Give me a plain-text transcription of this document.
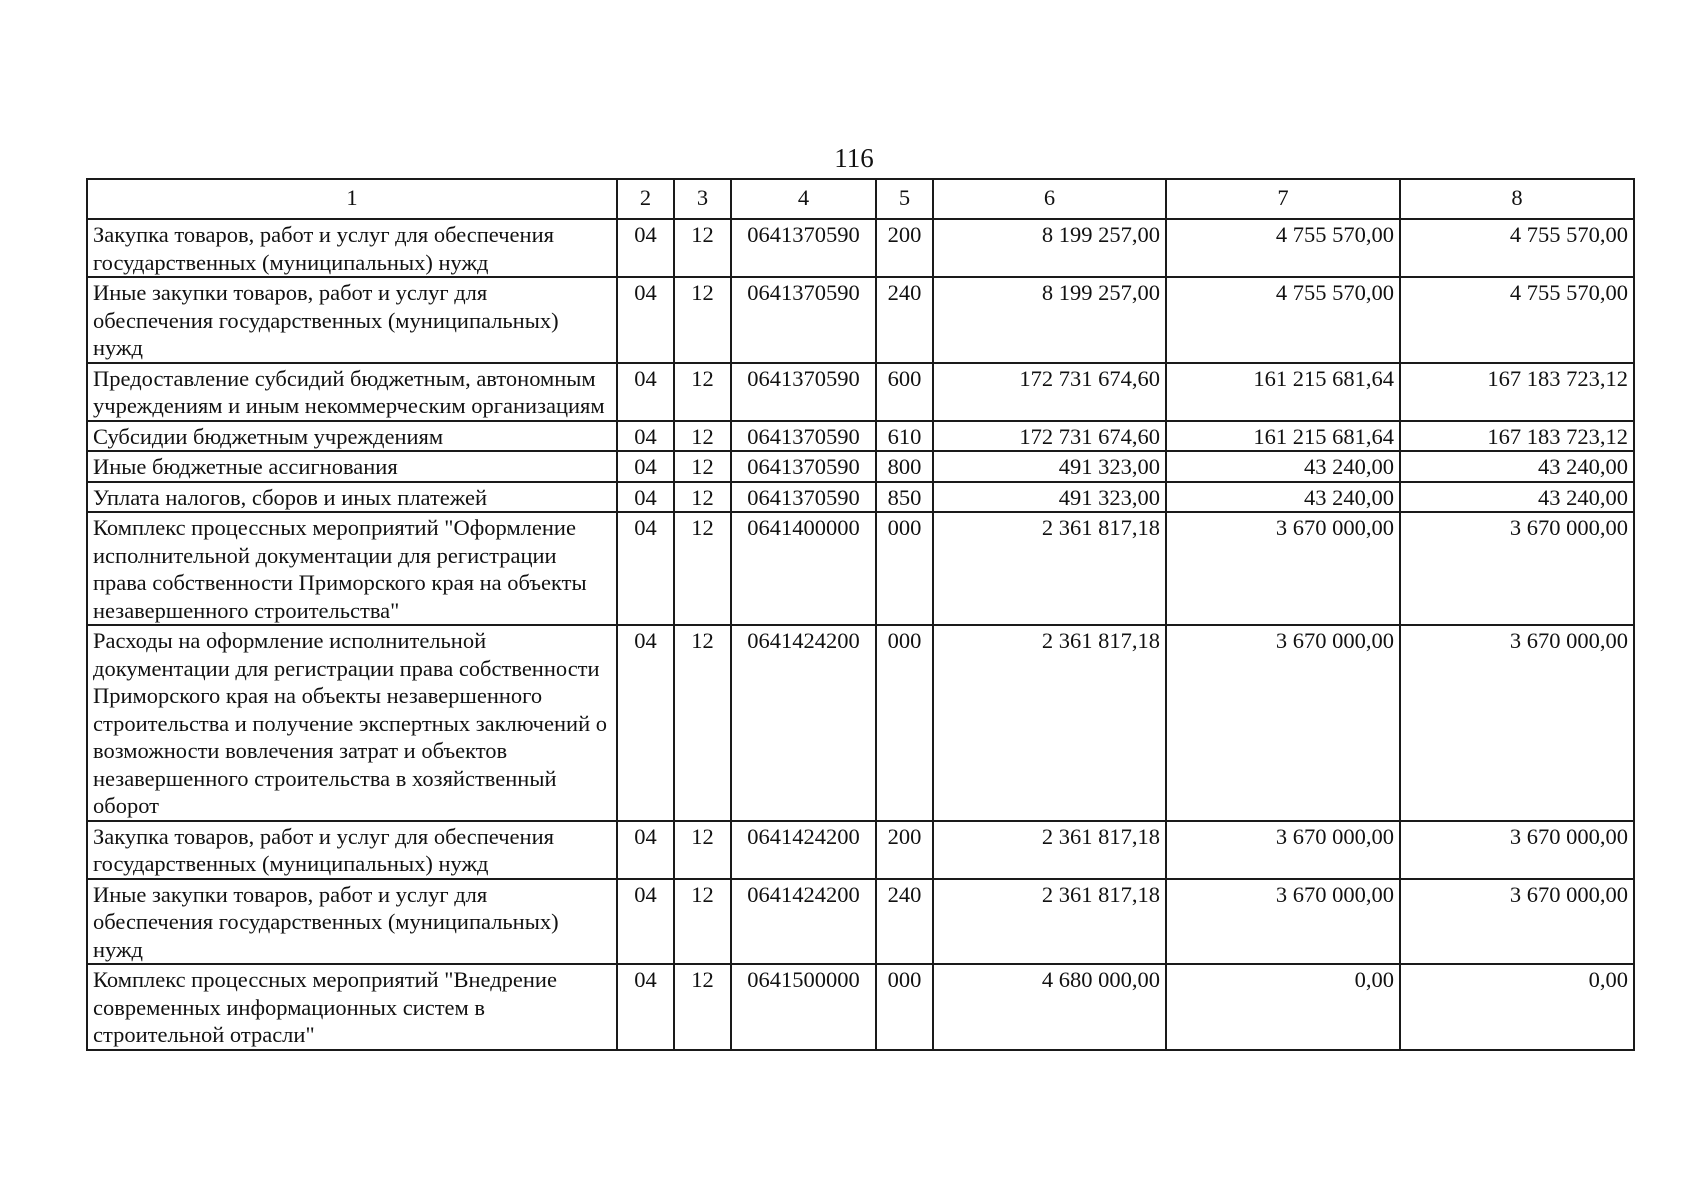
116
1	2	3	4	5	6	7	8
Закупка товаров, работ и услуг для обеспечения государственных (муниципальных) нужд	04	12	0641370590	200	8 199 257,00	4 755 570,00	4 755 570,00
Иные закупки товаров, работ и услуг для обеспечения государственных (муниципальных) нужд	04	12	0641370590	240	8 199 257,00	4 755 570,00	4 755 570,00
Предоставление субсидий бюджетным, автономным учреждениям и иным некоммерческим организациям	04	12	0641370590	600	172 731 674,60	161 215 681,64	167 183 723,12
Субсидии бюджетным учреждениям	04	12	0641370590	610	172 731 674,60	161 215 681,64	167 183 723,12
Иные бюджетные ассигнования	04	12	0641370590	800	491 323,00	43 240,00	43 240,00
Уплата налогов, сборов и иных платежей	04	12	0641370590	850	491 323,00	43 240,00	43 240,00
Комплекс процессных мероприятий "Оформление исполнительной документации для регистрации права собственности Приморского края на объекты незавершенного строительства"	04	12	0641400000	000	2 361 817,18	3 670 000,00	3 670 000,00
Расходы на оформление исполнительной документации для регистрации права собственности Приморского края на объекты незавершенного строительства и получение экспертных заключений о возможности вовлечения затрат и объектов незавершенного строительства в хозяйственный оборот	04	12	0641424200	000	2 361 817,18	3 670 000,00	3 670 000,00
Закупка товаров, работ и услуг для обеспечения государственных (муниципальных) нужд	04	12	0641424200	200	2 361 817,18	3 670 000,00	3 670 000,00
Иные закупки товаров, работ и услуг для обеспечения государственных (муниципальных) нужд	04	12	0641424200	240	2 361 817,18	3 670 000,00	3 670 000,00
Комплекс процессных мероприятий "Внедрение современных информационных систем в строительной отрасли"	04	12	0641500000	000	4 680 000,00	0,00	0,00
